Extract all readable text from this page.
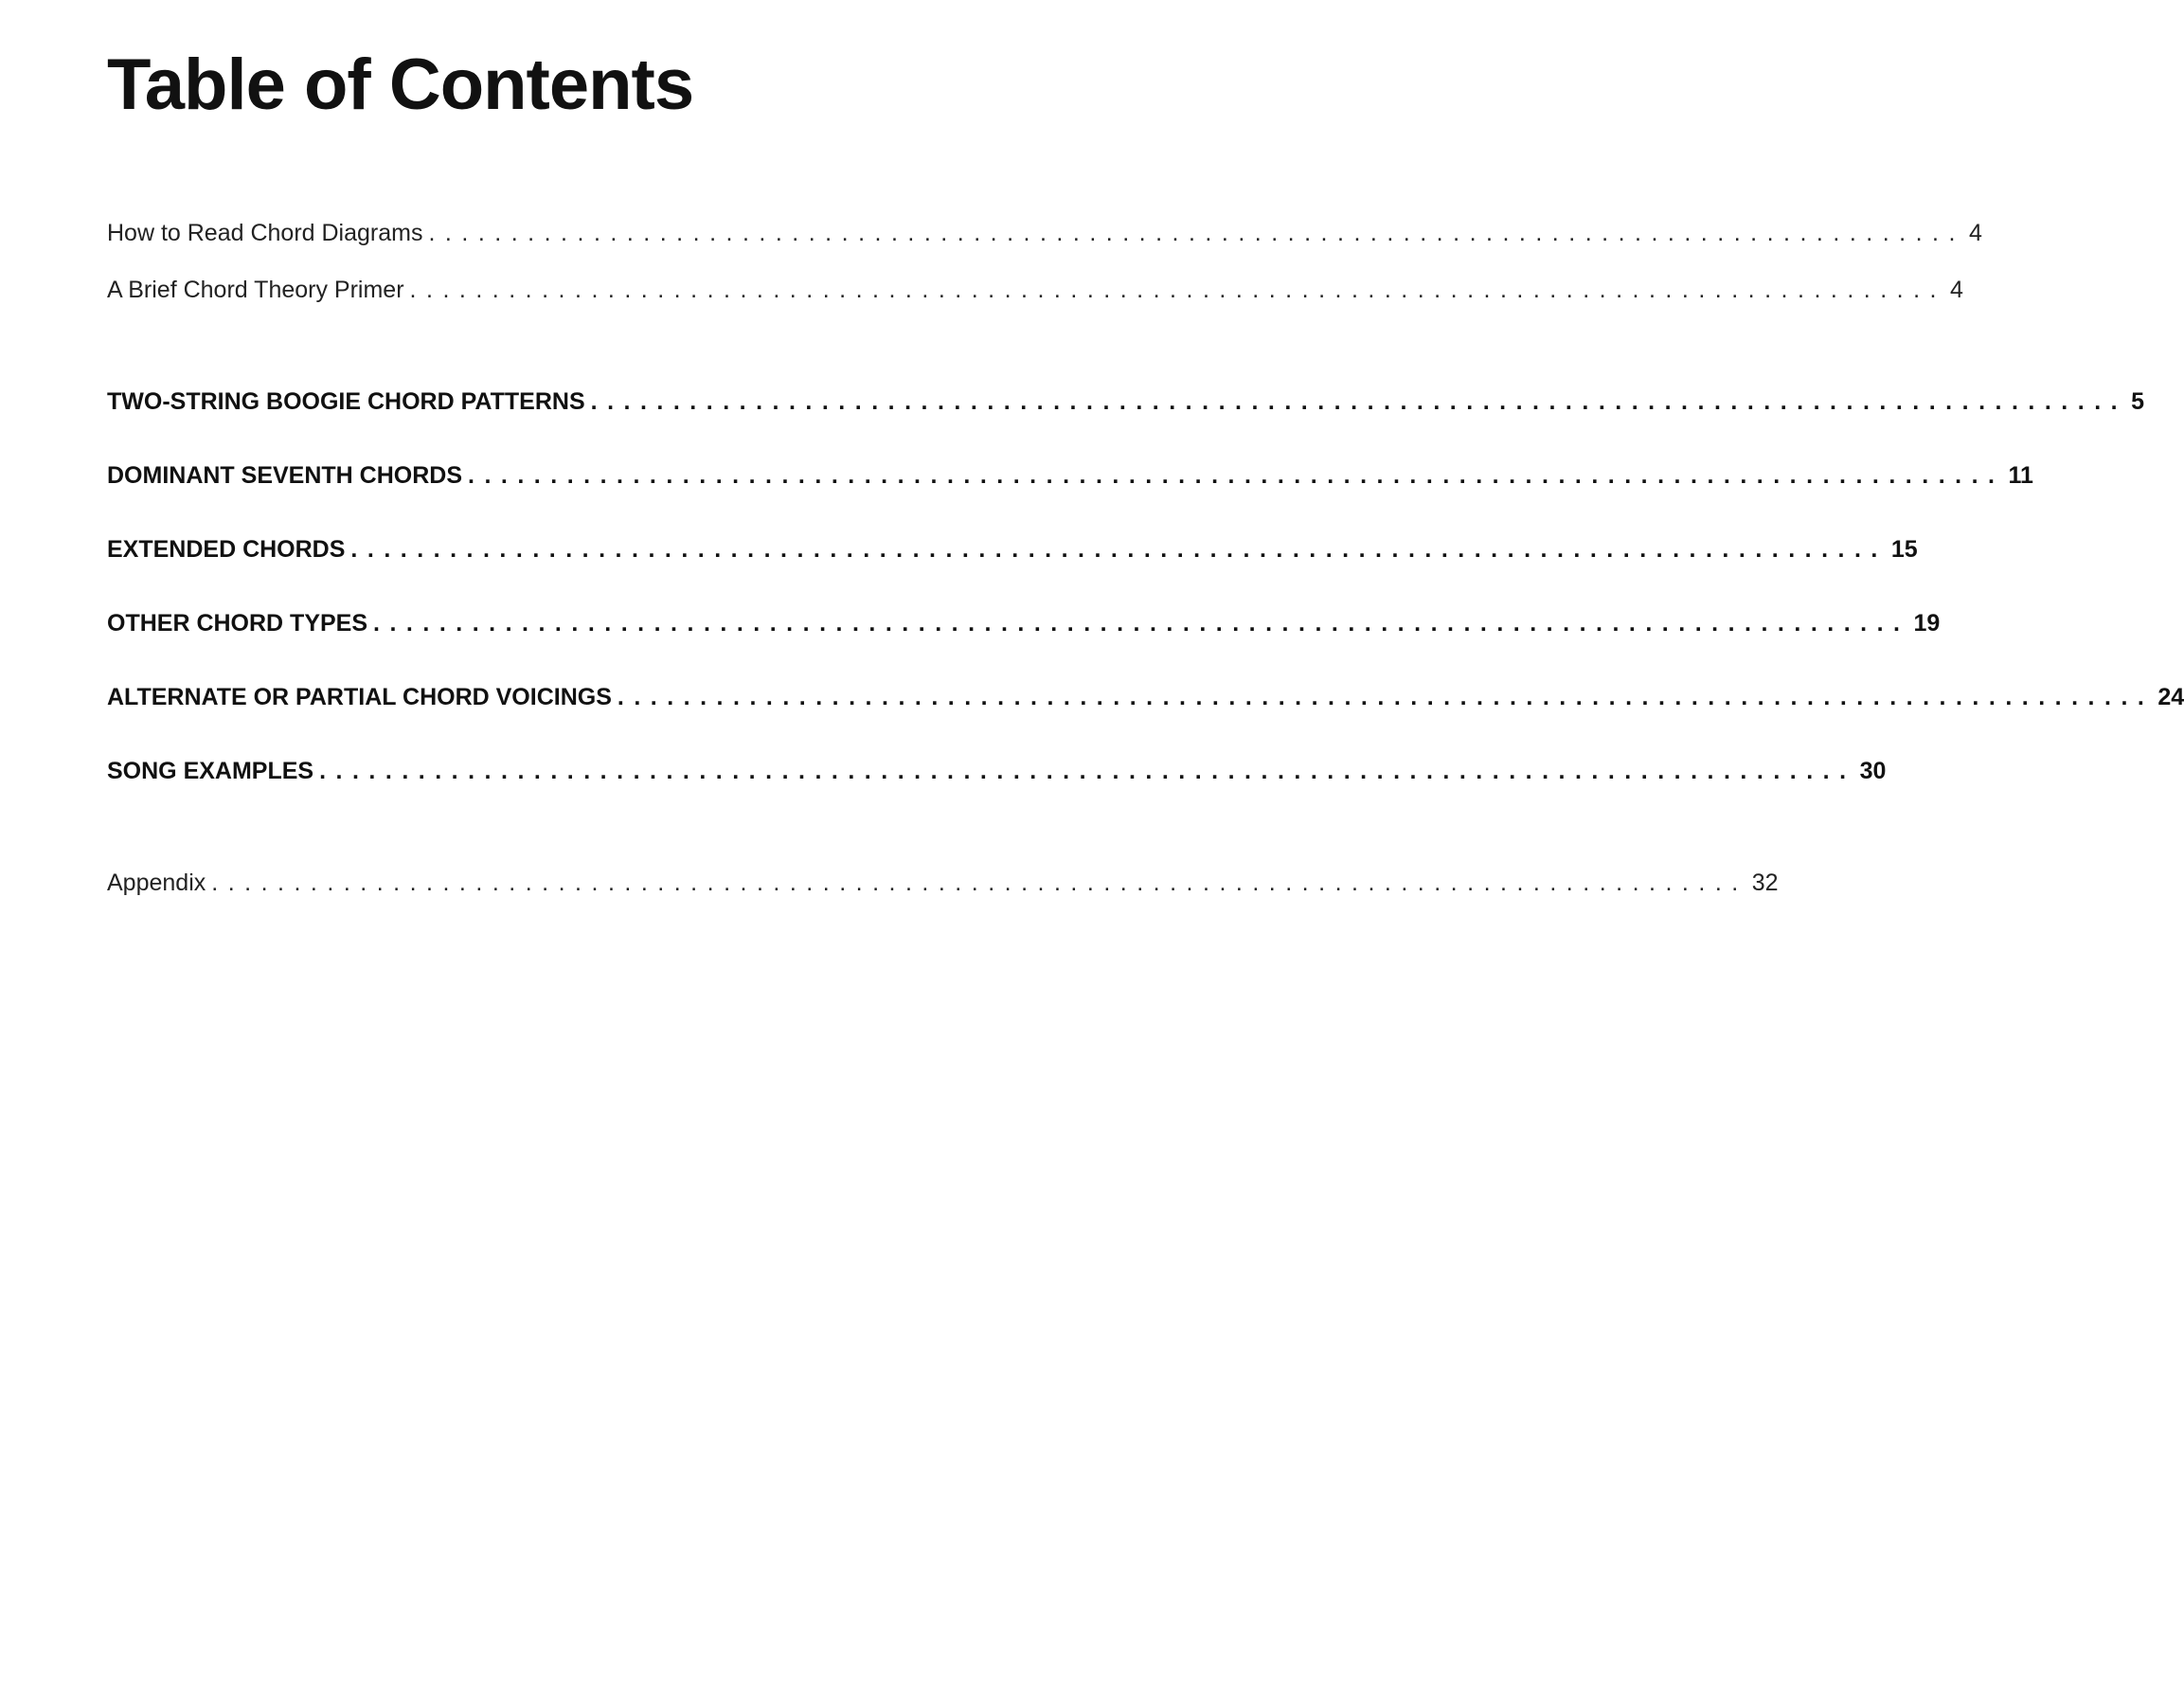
Table of Contents
How to Read Chord Diagrams ............................................................................................. 4
A Brief Chord Theory Primer ............................................................................................. 4
TWO-STRING BOOGIE CHORD PATTERNS ............................................................................................. 5
DOMINANT SEVENTH CHORDS ............................................................................................. 11
EXTENDED CHORDS ............................................................................................. 15
OTHER CHORD TYPES ............................................................................................. 19
ALTERNATE OR PARTIAL CHORD VOICINGS ............................................................................................. 24
SONG EXAMPLES ............................................................................................. 30
Appendix ............................................................................................. 32
